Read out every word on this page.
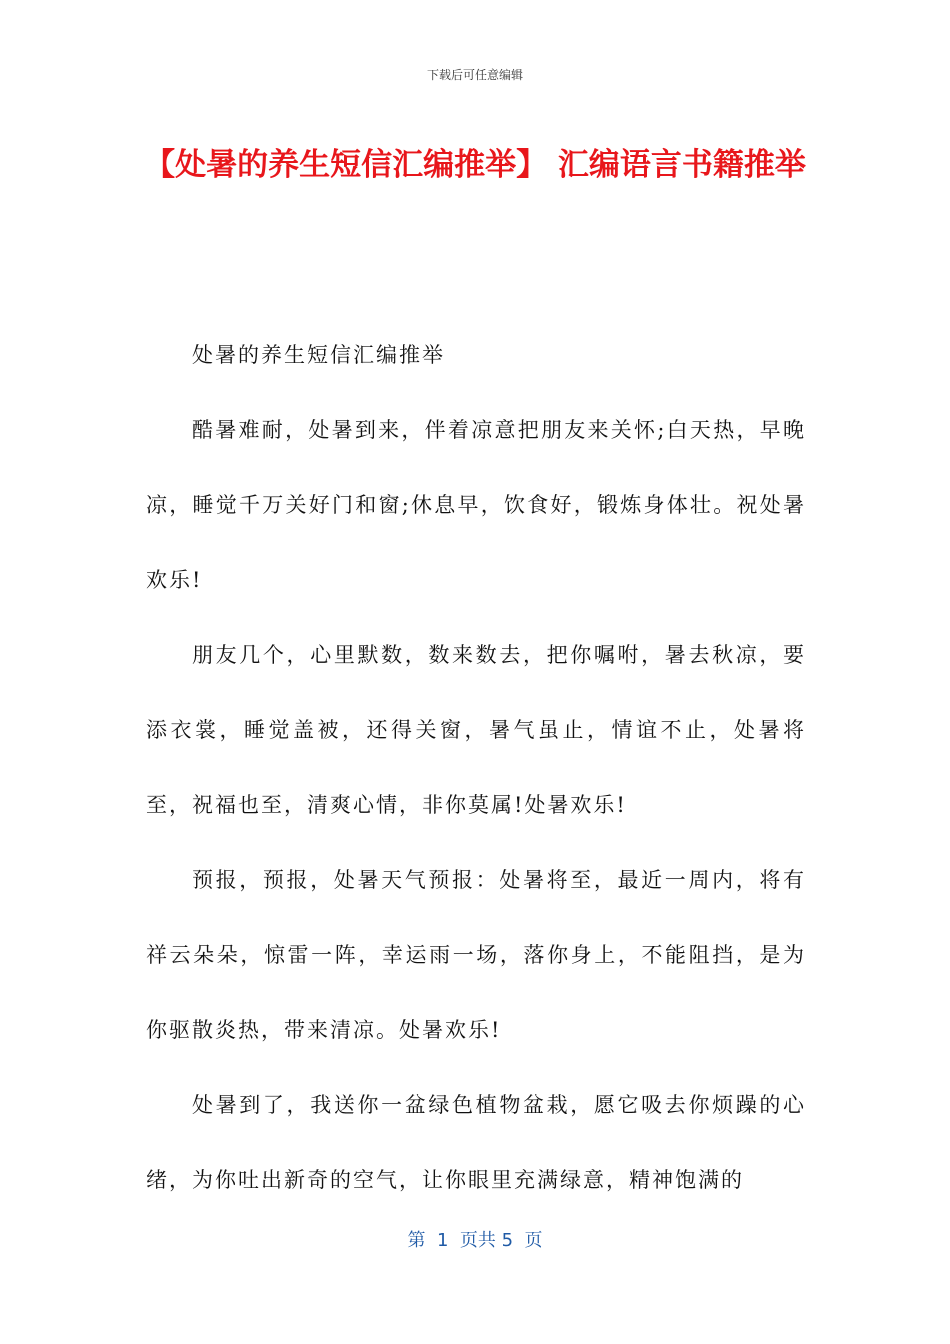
下载后可任意编辑
【处暑的养生短信汇编推举】 汇编语言书籍推举

处暑的养生短信汇编推举

酷暑难耐，处暑到来，伴着凉意把朋友来关怀;白天热，早晚凉，睡觉千万关好门和窗;休息早，饮食好，锻炼身体壮。祝处暑欢乐!

朋友几个，心里默数，数来数去，把你嘱咐，暑去秋凉，要添衣裳，睡觉盖被，还得关窗，暑气虽止，情谊不止，处暑将至，祝福也至，清爽心情，非你莫属!处暑欢乐!

预报，预报，处暑天气预报：处暑将至，最近一周内，将有祥云朵朵，惊雷一阵，幸运雨一场，落你身上，不能阻挡，是为你驱散炎热，带来清凉。处暑欢乐!

处暑到了，我送你一盆绿色植物盆栽，愿它吸去你烦躁的心绪，为你吐出新奇的空气，让你眼里充满绿意，精神饱满的

第  1  页共 5  页
